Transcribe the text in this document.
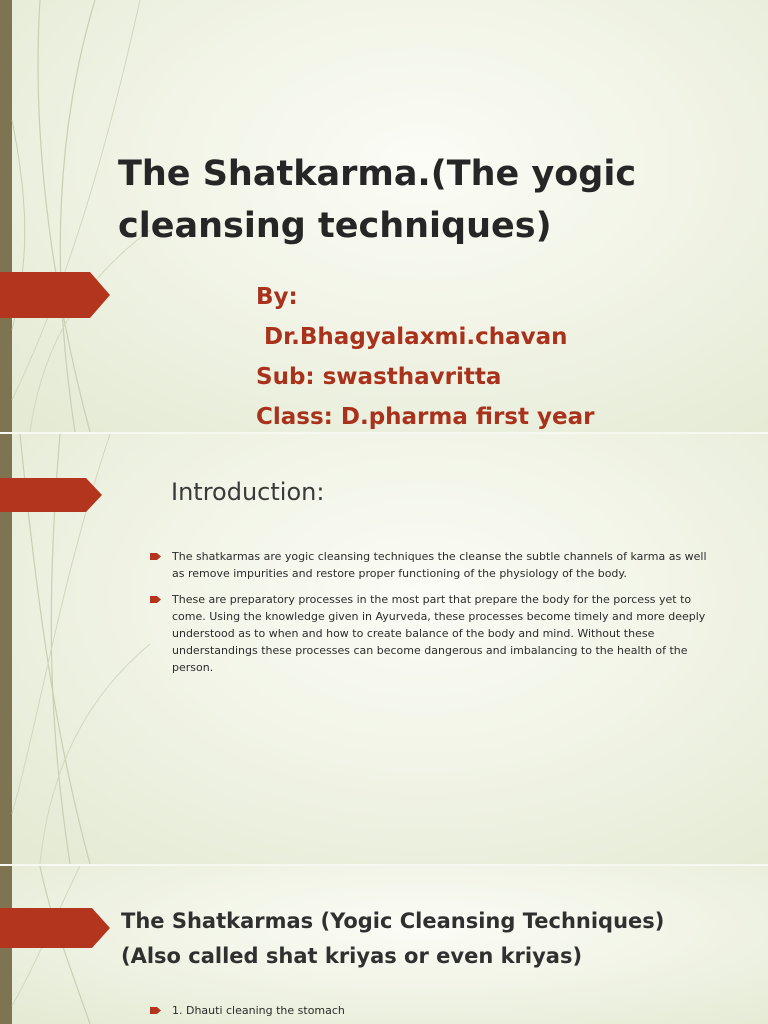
The Shatkarma.(The yogic cleansing techniques)
By:
Dr.Bhagyalaxmi.chavan
Sub: swasthavritta
Class: D.pharma first year
Introduction:
The shatkarmas are yogic cleansing techniques the cleanse the subtle channels of karma as well as remove impurities and restore proper functioning of the physiology of the body.
These are preparatory processes in the most part that prepare the body for the porcess yet to come. Using the knowledge given in Ayurveda, these processes become timely and more deeply understood as to when and how to create balance of the body and mind. Without these understandings these processes can become dangerous and imbalancing to the health of the person.
The Shatkarmas (Yogic Cleansing Techniques)
(Also called shat kriyas or even kriyas)
1. Dhauti cleaning the stomach
